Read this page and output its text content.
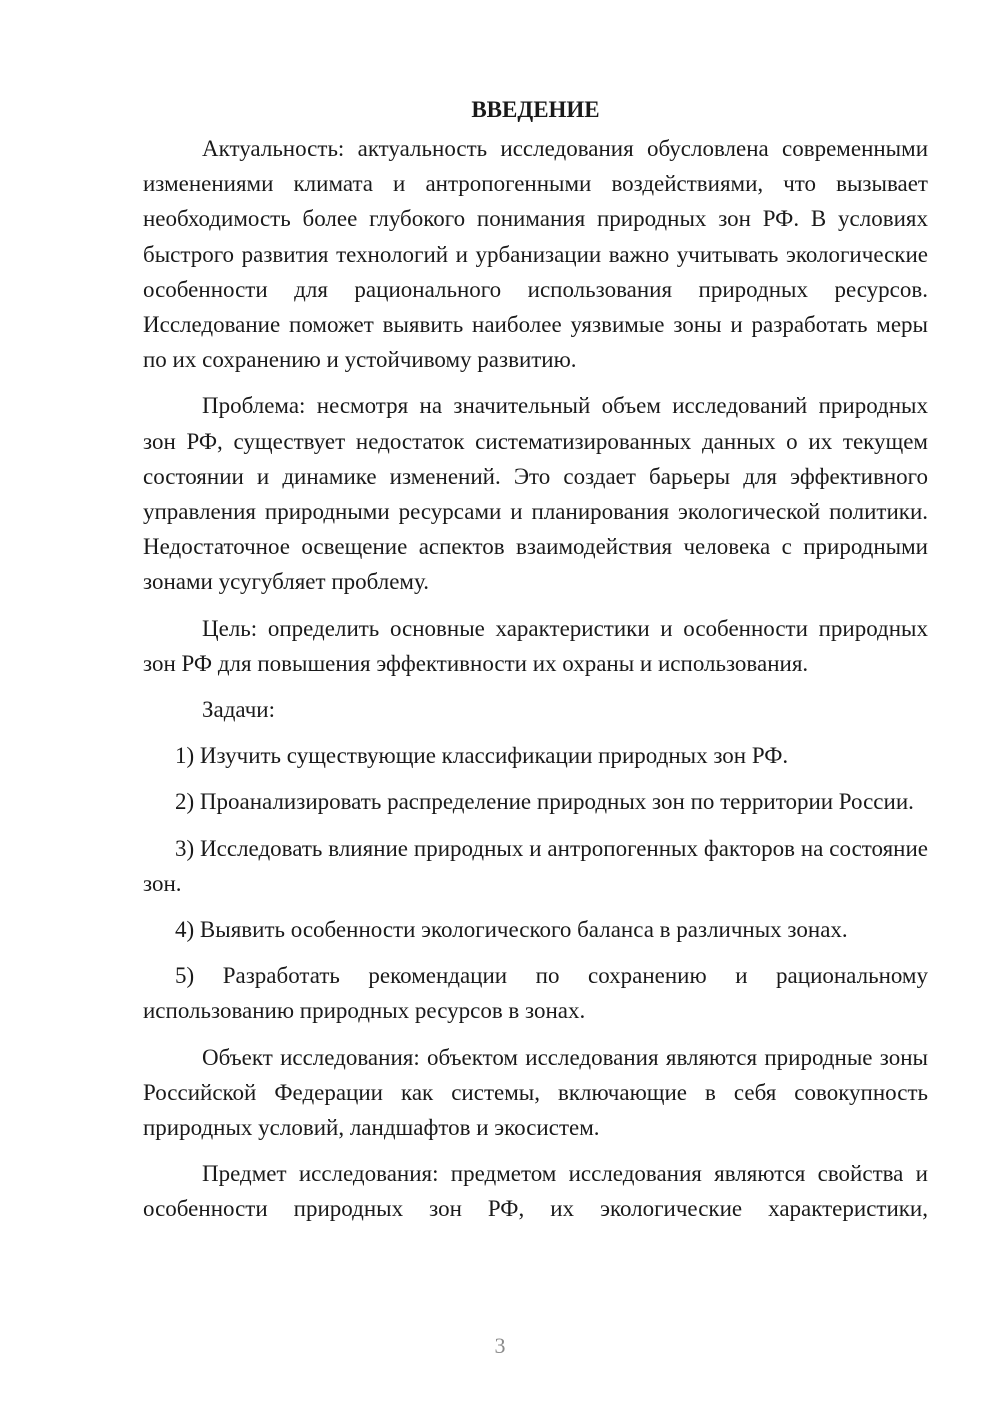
ВВЕДЕНИЕ

Актуальность: актуальность исследования обусловлена современными изменениями климата и антропогенными воздействиями, что вызывает необходимость более глубокого понимания природных зон РФ. В условиях быстрого развития технологий и урбанизации важно учитывать экологические особенности для рационального использования природных ресурсов. Исследование поможет выявить наиболее уязвимые зоны и разработать меры по их сохранению и устойчивому развитию.

Проблема: несмотря на значительный объем исследований природных зон РФ, существует недостаток систематизированных данных о их текущем состоянии и динамике изменений. Это создает барьеры для эффективного управления природными ресурсами и планирования экологической политики. Недостаточное освещение аспектов взаимодействия человека с природными зонами усугубляет проблему.

Цель: определить основные характеристики и особенности природных зон РФ для повышения эффективности их охраны и использования.

Задачи:

1) Изучить существующие классификации природных зон РФ.

2) Проанализировать распределение природных зон по территории России.

3) Исследовать влияние природных и антропогенных факторов на состояние зон.

4) Выявить особенности экологического баланса в различных зонах.

5) Разработать рекомендации по сохранению и рациональному использованию природных ресурсов в зонах.

Объект исследования: объектом исследования являются природные зоны Российской Федерации как системы, включающие в себя совокупность природных условий, ландшафтов и экосистем.

Предмет исследования: предметом исследования являются свойства и особенности природных зон РФ, их экологические характеристики,

3
